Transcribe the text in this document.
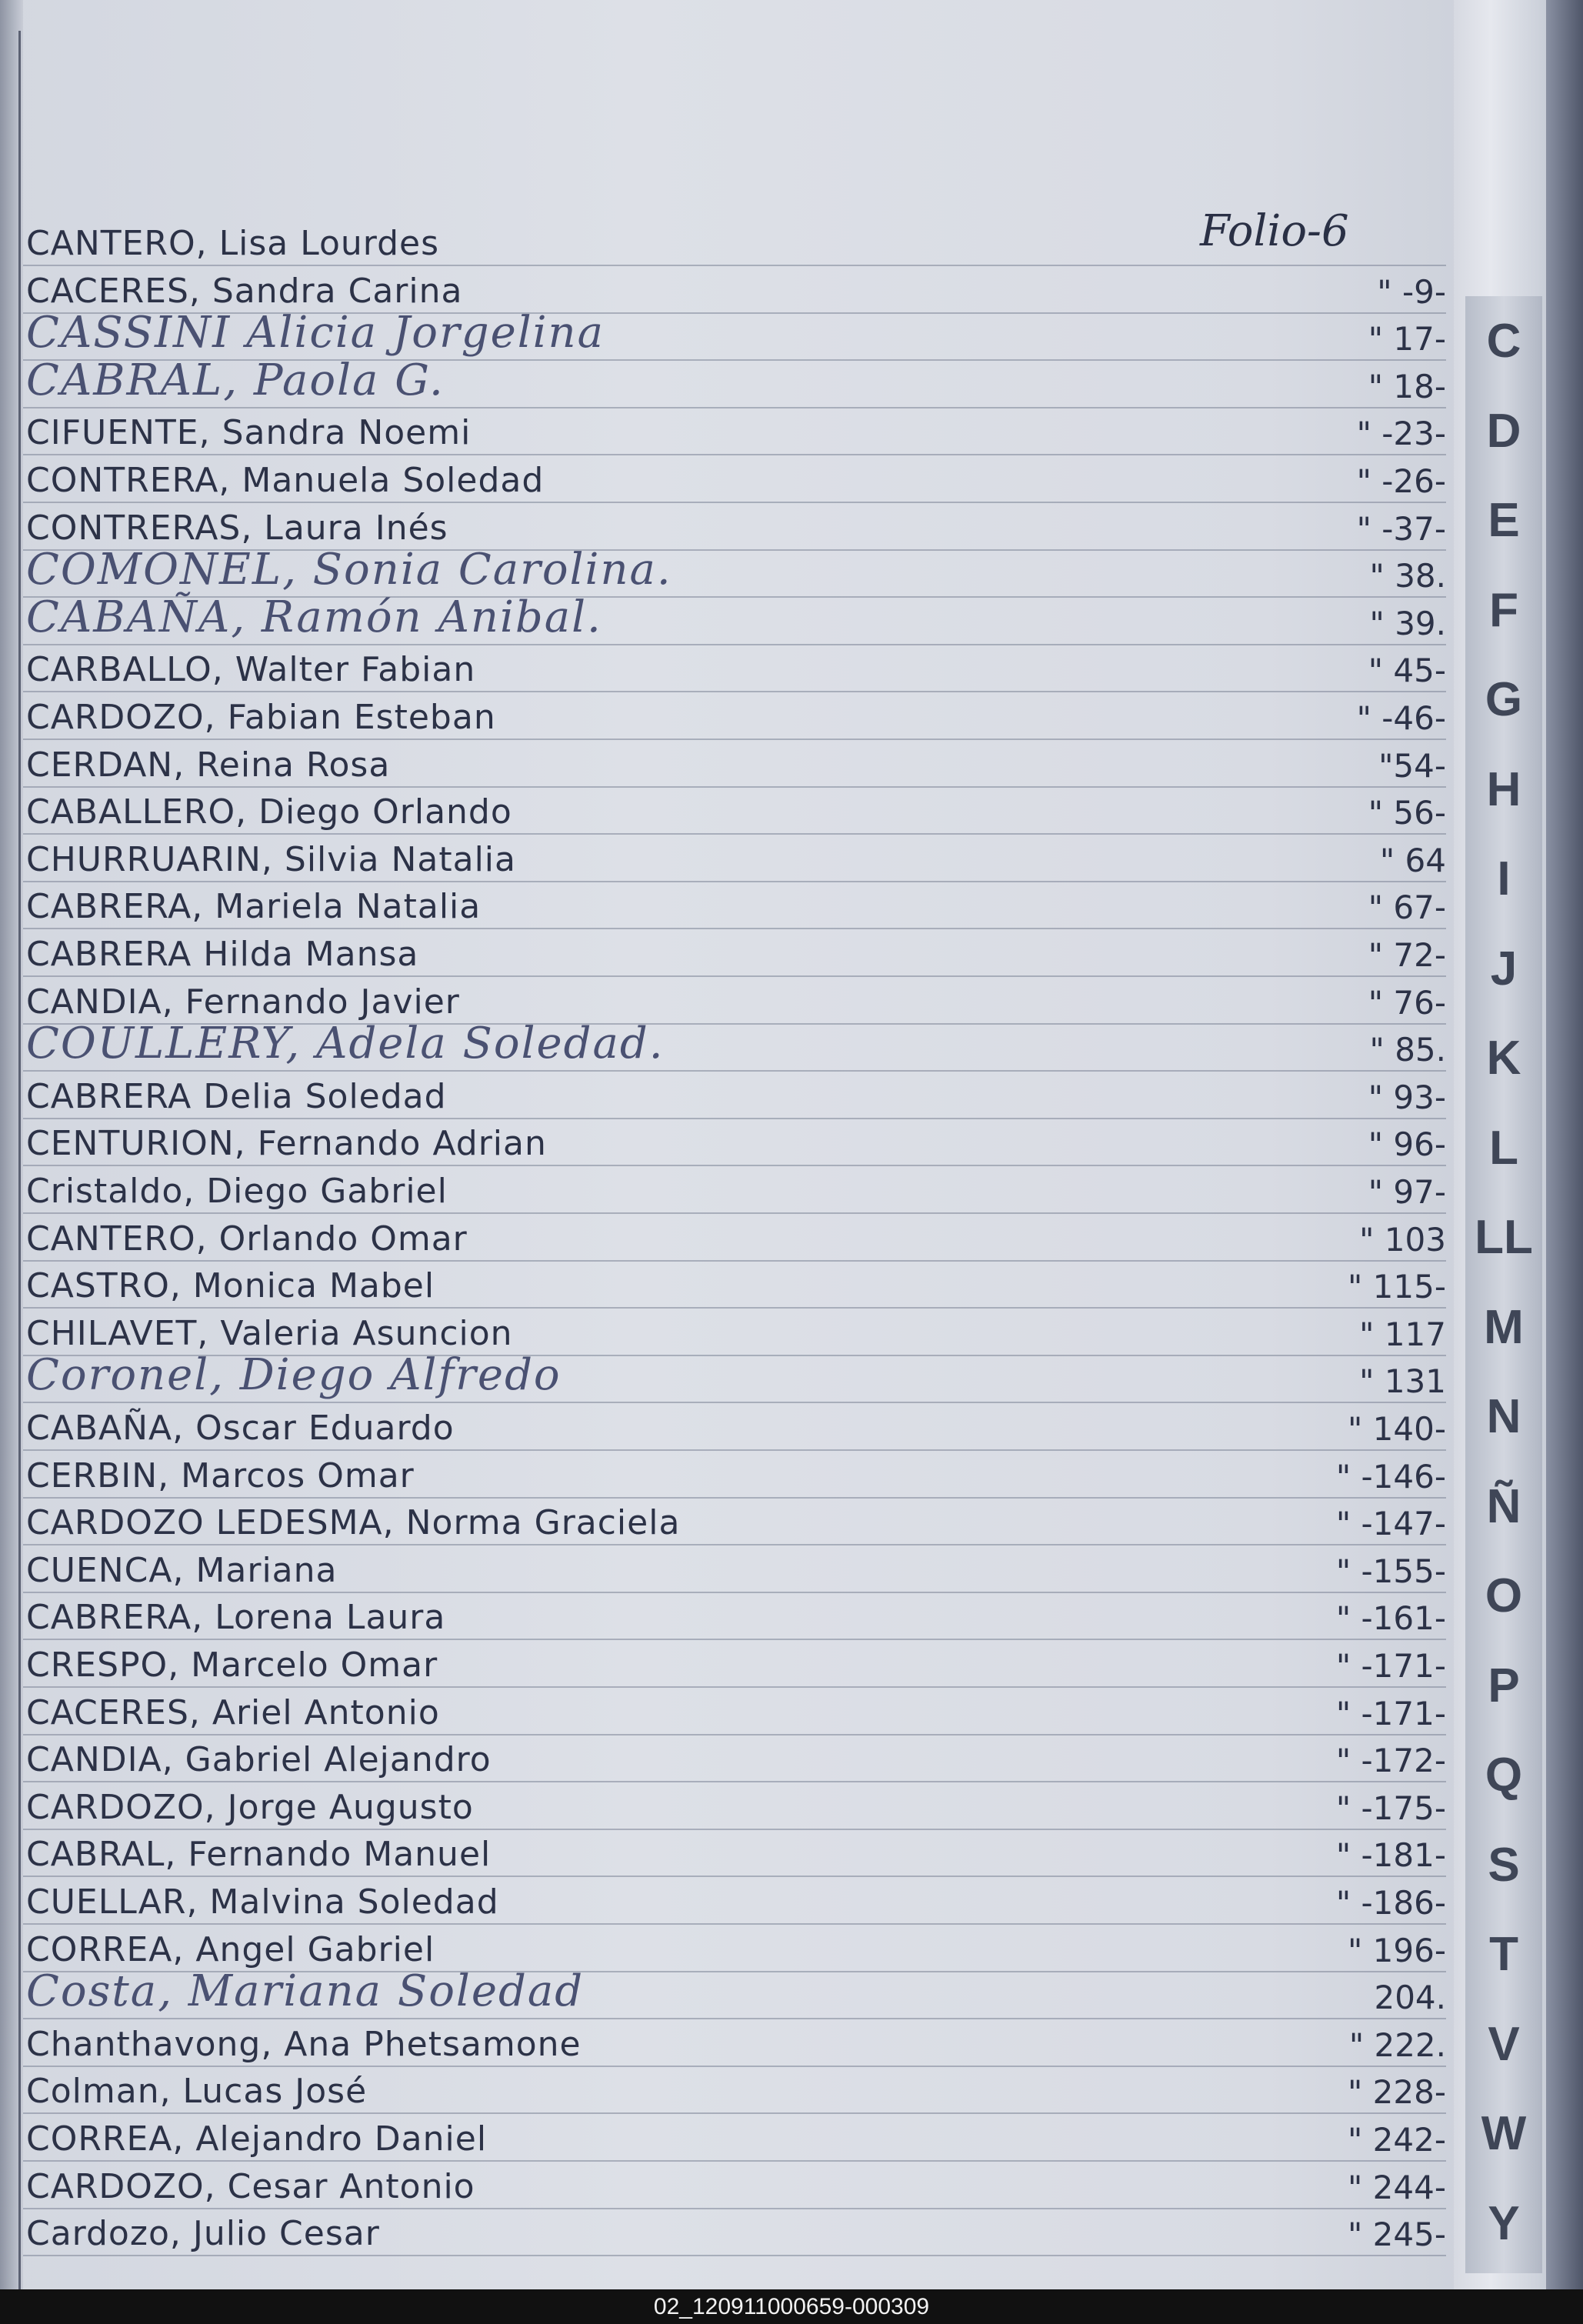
Folio-6
CANTERO, Lisa Lourdes
CACERES, Sandra Carina	" -9-
CASSINI Alicia Jorgelina	" 17-
CABRAL, Paola G.	" 18-
CIFUENTE, Sandra Noemi	" -23-
CONTRERA, Manuela Soledad	" -26-
CONTRERAS, Laura Inés	" -37-
COMONEL, Sonia Carolina.	" 38.
CABAÑA, Ramón Anibal.	" 39.
CARBALLO, Walter Fabian	" 45-
CARDOZO, Fabian Esteban	" -46-
CERDAN, Reina Rosa	"54-
CABALLERO, Diego Orlando	" 56-
CHURRUARIN, Silvia Natalia	" 64
CABRERA, Mariela Natalia	" 67-
CABRERA Hilda Mansa	" 72-
CANDIA, Fernando Javier	" 76-
COULLERY, Adela Soledad.	" 85.
CABRERA Delia Soledad	" 93-
CENTURION, Fernando Adrian	" 96-
Cristaldo, Diego Gabriel	" 97-
CANTERO, Orlando Omar	" 103
CASTRO, Monica Mabel	" 115-
CHILAVET, Valeria Asuncion	" 117
Coronel, Diego Alfredo	" 131
CABAÑA, Oscar Eduardo	" 140-
CERBIN, Marcos Omar	" -146-
CARDOZO LEDESMA, Norma Graciela	" -147-
CUENCA, Mariana	" -155-
CABRERA, Lorena Laura	" -161-
CRESPO, Marcelo Omar	" -171-
CACERES, Ariel Antonio	" -171-
CANDIA, Gabriel Alejandro	" -172-
CARDOZO, Jorge Augusto	" -175-
CABRAL, Fernando Manuel	" -181-
CUELLAR, Malvina Soledad	" -186-
CORREA, Angel Gabriel	" 196-
Costa, Mariana Soledad	204.
Chanthavong, Ana Phetsamone	" 222.
Colman, Lucas José	" 228-
CORREA, Alejandro Daniel	" 242-
CARDOZO, Cesar Antonio	" 244-
Cardozo, Julio Cesar	" 245-
C
D
E
F
G
H
I
J
K
L
LL
M
N
Ñ
O
P
Q
S
T
V
W
Y
02_120911000659-000309
